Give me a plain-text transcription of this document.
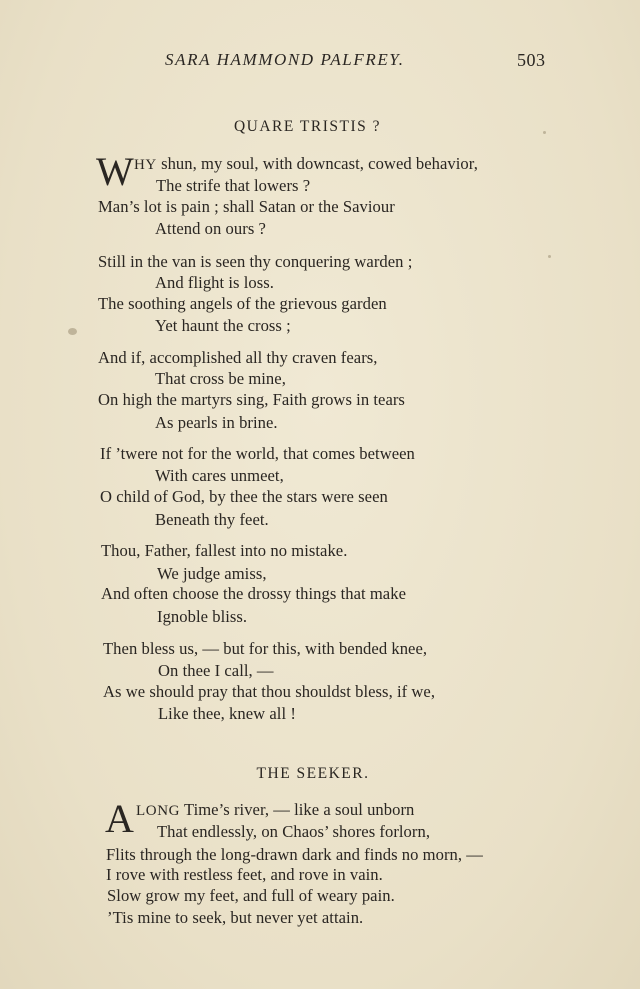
SARA HAMMOND PALFREY.	503
QUARE TRISTIS ?
W HY shun, my soul, with downcast, cowed behavior,
The strife that lowers ?
Man’s lot is pain ; shall Satan or the Saviour
Attend on ours ?
Still in the van is seen thy conquering warden ;
And flight is loss.
The soothing angels of the grievous garden
Yet haunt the cross ;
And if, accomplished all thy craven fears,
That cross be mine,
On high the martyrs sing, Faith grows in tears
As pearls in brine.
If ’twere not for the world, that comes between
With cares unmeet,
O child of God, by thee the stars were seen
Beneath thy feet.
Thou, Father, fallest into no mistake.
We judge amiss,
And often choose the drossy things that make
Ignoble bliss.
Then bless us, — but for this, with bended knee,
On thee I call, —
As we should pray that thou shouldst bless, if we,
Like thee, knew all !
THE SEEKER.
A LONG Time’s river, — like a soul unborn
That endlessly, on Chaos’ shores forlorn,
Flits through the long-drawn dark and finds no morn, —
I rove with restless feet, and rove in vain.
Slow grow my feet, and full of weary pain.
’Tis mine to seek, but never yet attain.
